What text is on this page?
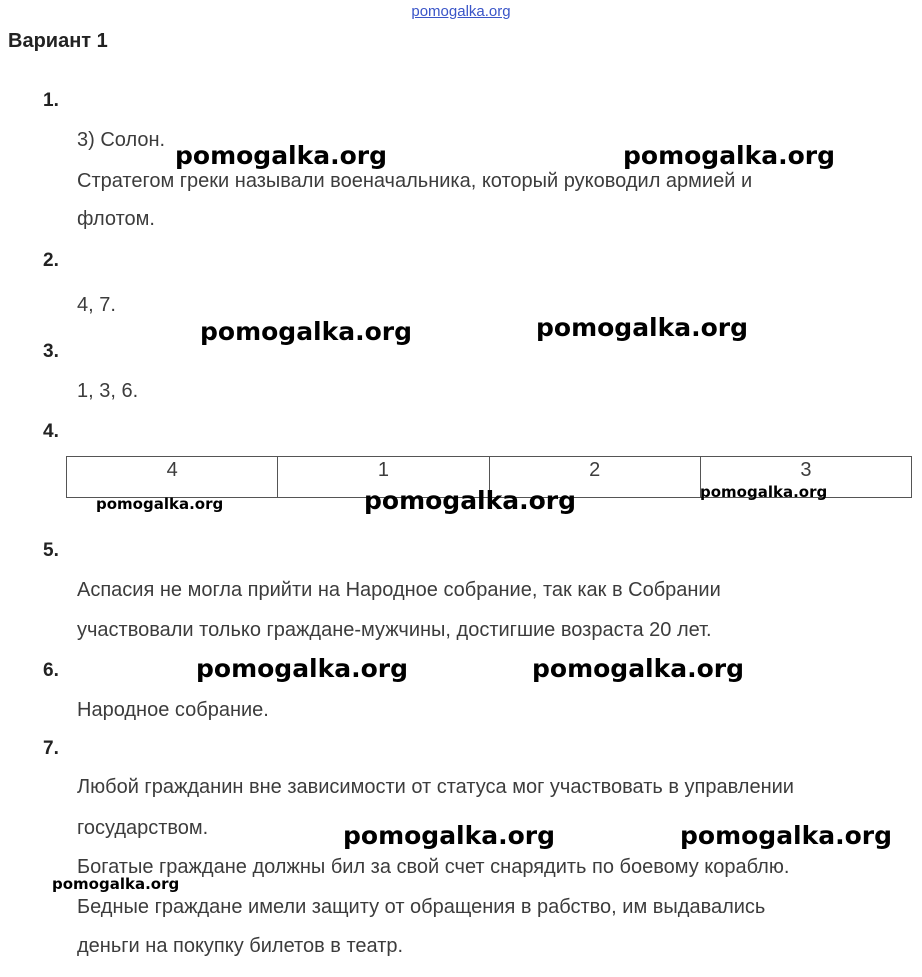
pomogalka.org
Вариант 1
1.
3) Солон.
Стратегом греки называли военачальника, который руководил армией и
флотом.
2.
4, 7.
3.
1, 3, 6.
4.
4	1	2	3
5.
Аспасия не могла прийти на Народное собрание, так как в Собрании
участвовали только граждане-мужчины, достигшие возраста 20 лет.
6.
Народное собрание.
7.
Любой гражданин вне зависимости от статуса мог участвовать в управлении
государством.
Богатые граждане должны бил за свой счет снарядить по боевому кораблю.
Бедные граждане имели защиту от обращения в рабство, им выдавались
деньги на покупку билетов в театр.
pomogalka.org	pomogalka.org
pomogalka.org	pomogalka.org
pomogalka.org	pomogalka.org	pomogalka.org
pomogalka.org	pomogalka.org
pomogalka.org	pomogalka.org
pomogalka.org
